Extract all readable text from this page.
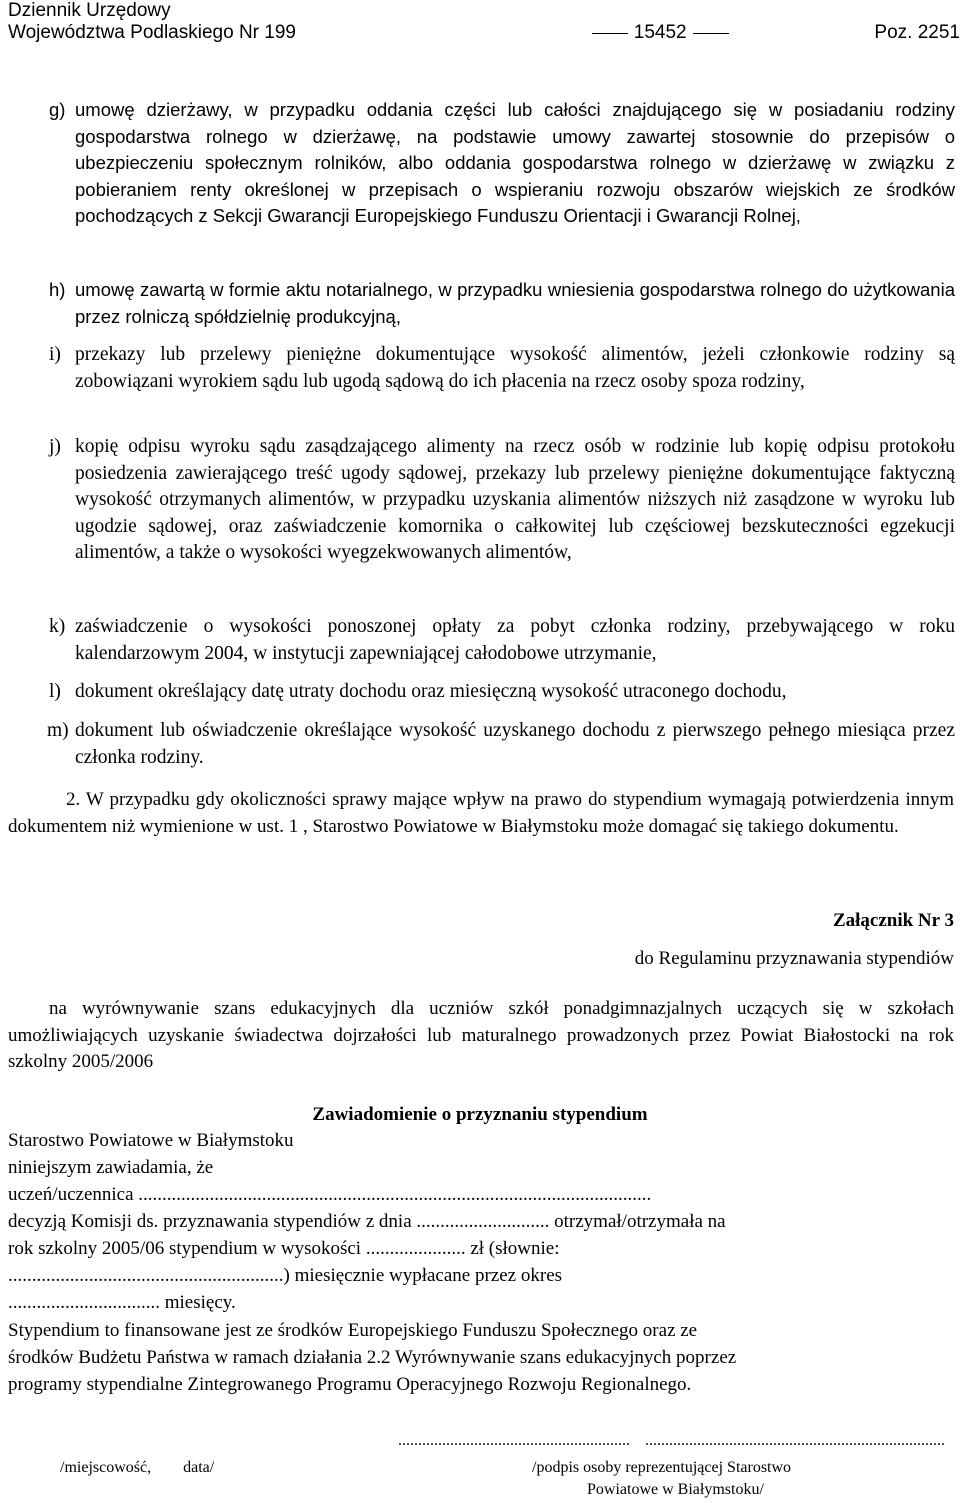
Dziennik Urzędowy
Województwa Podlaskiego Nr 199	15452	Poz. 2251
g) umowę dzierżawy, w przypadku oddania części lub całości znajdującego się w posiadaniu rodziny gospodarstwa rolnego w dzierżawę, na podstawie umowy zawartej stosownie do przepisów o ubezpieczeniu społecznym rolników, albo oddania gospodarstwa rolnego w dzierżawę w związku z pobieraniem renty określonej w przepisach o wspieraniu rozwoju obszarów wiejskich ze środków pochodzących z Sekcji Gwarancji Europejskiego Funduszu Orientacji i Gwarancji Rolnej,

h) umowę zawartą w formie aktu notarialnego, w przypadku wniesienia gospodarstwa rolnego do użytkowania przez rolniczą spółdzielnię produkcyjną,

i) przekazy lub przelewy pieniężne dokumentujące wysokość alimentów, jeżeli członkowie rodziny są zobowiązani wyrokiem sądu lub ugodą sądową do ich płacenia na rzecz osoby spoza rodziny,

j) kopię odpisu wyroku sądu zasądzającego alimenty na rzecz osób w rodzinie lub kopię odpisu protokołu posiedzenia zawierającego treść ugody sądowej, przekazy lub przelewy pieniężne dokumentujące faktyczną wysokość otrzymanych alimentów, w przypadku uzyskania alimentów niższych niż zasądzone w wyroku lub ugodzie sądowej, oraz zaświadczenie komornika o całkowitej lub częściowej bezskuteczności egzekucji alimentów, a także o wysokości wyegzekwowanych alimentów,

k) zaświadczenie o wysokości ponoszonej opłaty za pobyt członka rodziny, przebywającego w roku kalendarzowym 2004, w instytucji zapewniającej całodobowe utrzymanie,

l) dokument określający datę utraty dochodu oraz miesięczną wysokość utraconego dochodu,

m) dokument lub oświadczenie określające wysokość uzyskanego dochodu z pierwszego pełnego miesiąca przez członka rodziny.

2. W przypadku gdy okoliczności sprawy mające wpływ na prawo do stypendium wymagają potwierdzenia innym dokumentem niż wymienione w ust. 1 , Starostwo Powiatowe w Białymstoku może domagać się takiego dokumentu.
Załącznik Nr 3
do Regulaminu przyznawania stypendiów
na wyrównywanie szans edukacyjnych dla uczniów szkół ponadgimnazjalnych uczących się w szkołach umożliwiających uzyskanie świadectwa dojrzałości lub maturalnego prowadzonych przez Powiat Białostocki na rok szkolny 2005/2006
Zawiadomienie o przyznaniu stypendium
Starostwo Powiatowe w Białymstoku
niniejszym zawiadamia, że
uczeń/uczennica ............................................................................................................
decyzją Komisji ds. przyznawania stypendiów z dnia ............................ otrzymał/otrzymała na
rok szkolny 2005/06 stypendium w wysokości ..................... zł (słownie:
..........................................................) miesięcznie wypłacane przez okres
................................ miesięcy.
Stypendium to finansowane jest ze środków Europejskiego Funduszu Społecznego oraz ze
środków Budżetu Państwa w ramach działania 2.2 Wyrównywanie szans edukacyjnych poprzez
programy stypendialne Zintegrowanego Programu Operacyjnego Rozwoju Regionalnego.
.......................................................... ...........................................................................
/miejscowość,        data/	/podpis osoby reprezentującej Starostwo
Powiatowe w Białymstoku/
